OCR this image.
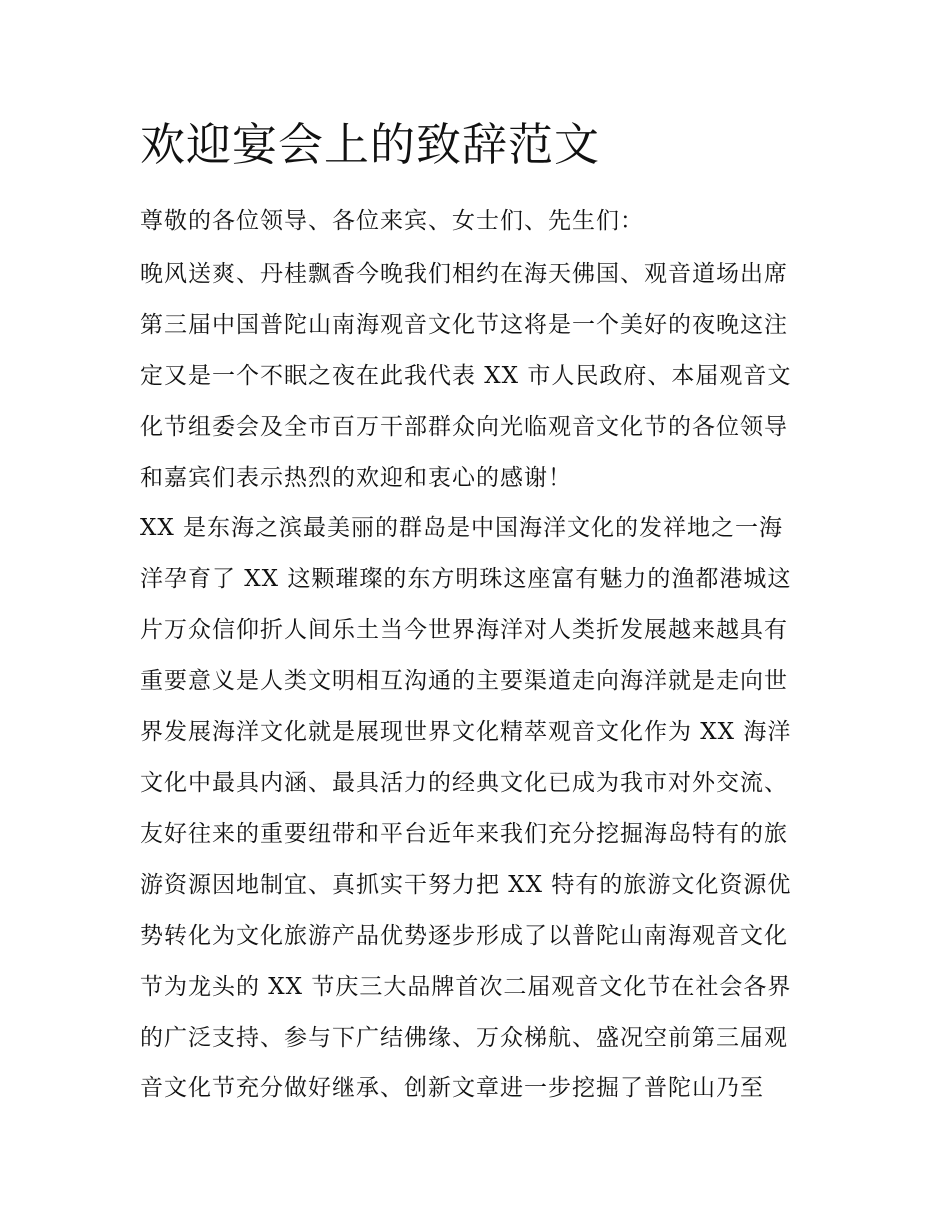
欢迎宴会上的致辞范文

尊敬的各位领导、各位来宾、女士们、先生们：

晚风送爽、丹桂飘香今晚我们相约在海天佛国、观音道场出席

第三届中国普陀山南海观音文化节这将是一个美好的夜晚这注

定又是一个不眠之夜在此我代表 XX 市人民政府、本届观音文

化节组委会及全市百万干部群众向光临观音文化节的各位领导

和嘉宾们表示热烈的欢迎和衷心的感谢！

XX 是东海之滨最美丽的群岛是中国海洋文化的发祥地之一海

洋孕育了 XX 这颗璀璨的东方明珠这座富有魅力的渔都港城这

片万众信仰折人间乐土当今世界海洋对人类折发展越来越具有

重要意义是人类文明相互沟通的主要渠道走向海洋就是走向世

界发展海洋文化就是展现世界文化精萃观音文化作为 XX 海洋

文化中最具内涵、最具活力的经典文化已成为我市对外交流、

友好往来的重要纽带和平台近年来我们充分挖掘海岛特有的旅

游资源因地制宜、真抓实干努力把 XX 特有的旅游文化资源优

势转化为文化旅游产品优势逐步形成了以普陀山南海观音文化

节为龙头的 XX 节庆三大品牌首次二届观音文化节在社会各界

的广泛支持、参与下广结佛缘、万众梯航、盛况空前第三届观

音文化节充分做好继承、创新文章进一步挖掘了普陀山乃至
